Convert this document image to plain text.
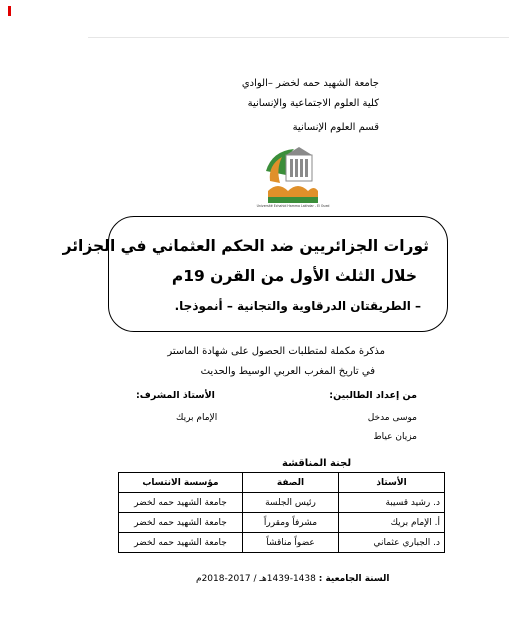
جامعة الشهيد حمه لخضر –الوادي
كلية العلوم الاجتماعية والإنسانية
قسم العلوم الإنسانية
Université Echahid Hamma Lakhdar - El Oued
ثورات الجزائريين ضد الحكم العثماني في الجزائر
خلال الثلث الأول من القرن 19م
– الطريقتان الدرقاوية والتجانية – أنموذجا.
مذكرة مكملة لمتطلبات الحصول على شهادة الماستر
في تاريخ المغرب العربي الوسيط والحديث
من إعداد الطالبين:
الأستاذ المشرف:
موسى مدخل
مزيان عياط
الإمام بريك
لجنة المناقشة
الأستاذ	الصفة	مؤسسة الانتساب
د. رشيد قسيبة	رئيس الجلسة	جامعة الشهيد حمه لخضر
أ. الإمام بريك	مشرفاً ومقرراً	جامعة الشهيد حمه لخضر
د. الجباري عثماني	عضواً مناقشاً	جامعة الشهيد حمه لخضر
السنة الجامعية : 1438-1439هـ / 2017-2018م
